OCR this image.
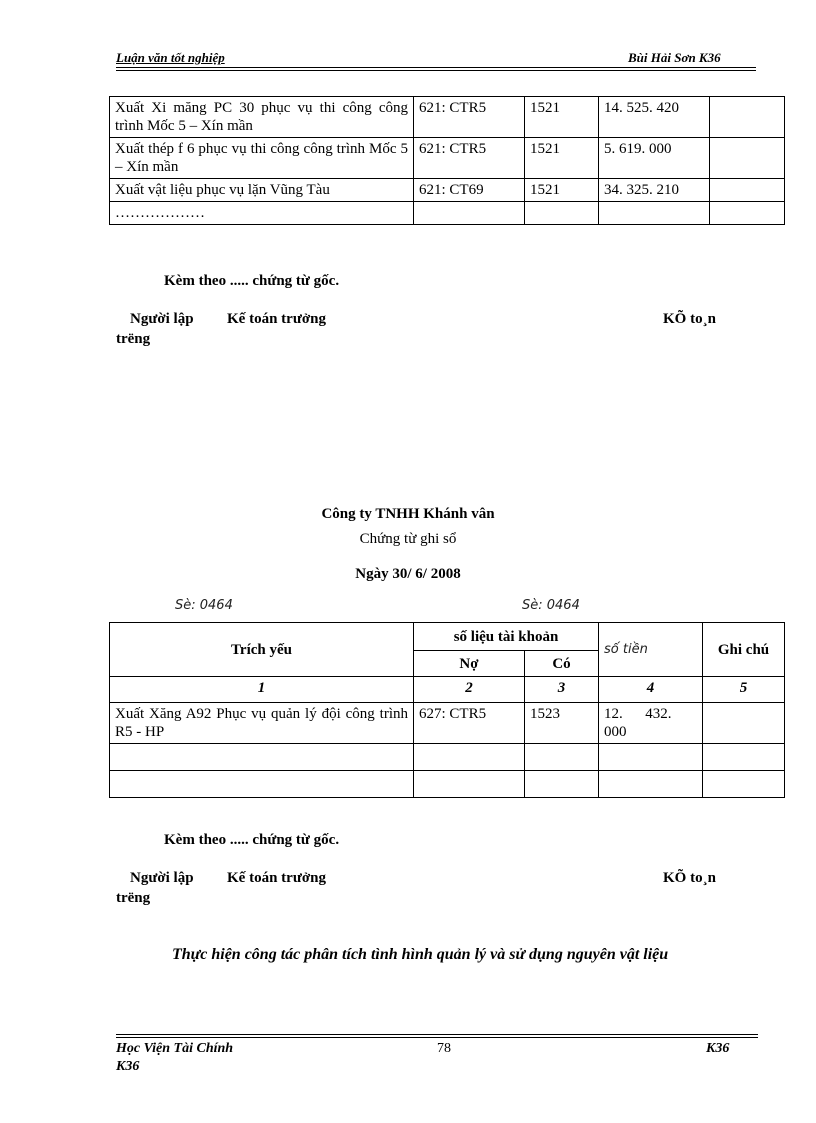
Luận văn tốt nghiệp	Bùi Hải Sơn K36
Xuất Xi măng PC 30 phục vụ thi công công trình Mốc 5 – Xín mần	621: CTR5	1521	14. 525. 420	
Xuất thép f 6 phục vụ thi công công trình Mốc 5 – Xín mần	621: CTR5	1521	5. 619. 000	
Xuất vật liệu phục vụ lặn Vũng Tàu	621: CT69	1521	34. 325. 210	
………………				
Kèm theo ..... chứng từ gốc.
Người lập Kế toán trưởng	KÕ to¸n
trëng
Công ty TNHH Khánh vân
Chứng từ ghi sổ
Ngày 30/ 6/ 2008
Sè: 0464	Sè: 0464
Trích yếu	số liệu tài khoản		số tiền	Ghi chú
	Nợ	Có		
1	2	3	4	5
Xuất Xăng A92 Phục vụ quản lý đội công trình R5 - HP	627: CTR5	1523	12.      432. 000	

Kèm theo ..... chứng từ gốc.
Người lập Kế toán trưởng	KÕ to¸n
trëng
Thực hiện công tác phân tích tình hình quản lý và sử dụng nguyên vật liệu
Học Viện Tài Chính
K36
78	K36
